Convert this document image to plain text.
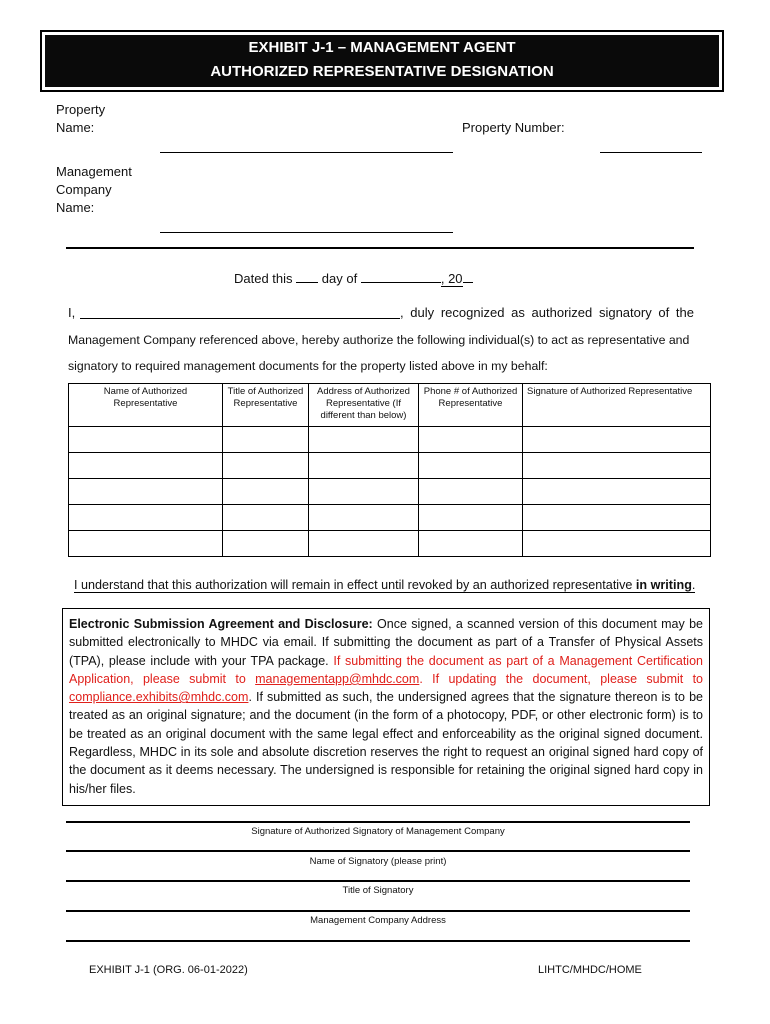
EXHIBIT J-1 – MANAGEMENT AGENT
AUTHORIZED REPRESENTATIVE DESIGNATION
Property
Name:	Property Number:
Management
Company
Name:
Dated this day of	, 20
I,	, duly recognized as authorized signatory of the
Management Company referenced above, hereby authorize the following individual(s) to act as representative and
signatory to required management documents for the property listed above in my behalf:
Name of Authorized Representative	Title of Authorized Representative	Address of Authorized Representative (If different than below)	Phone # of Authorized Representative	Signature of Authorized Representative

I understand that this authorization will remain in effect until revoked by an authorized representative in writing.
Electronic Submission Agreement and Disclosure: Once signed, a scanned version of this document may be submitted electronically to MHDC via email. If submitting the document as part of a Transfer of Physical Assets (TPA), please include with your TPA package. If submitting the document as part of a Management Certification Application, please submit to managementapp@mhdc.com. If updating the document, please submit to compliance.exhibits@mhdc.com. If submitted as such, the undersigned agrees that the signature thereon is to be treated as an original signature; and the document (in the form of a photocopy, PDF, or other electronic form) is to be treated as an original document with the same legal effect and enforceability as the original signed document. Regardless, MHDC in its sole and absolute discretion reserves the right to request an original signed hard copy of the document as it deems necessary. The undersigned is responsible for retaining the original signed hard copy in his/her files.
Signature of Authorized Signatory of Management Company
Name of Signatory (please print)
Title of Signatory
Management Company Address
EXHIBIT J-1 (ORG. 06-01-2022)	LIHTC/MHDC/HOME
